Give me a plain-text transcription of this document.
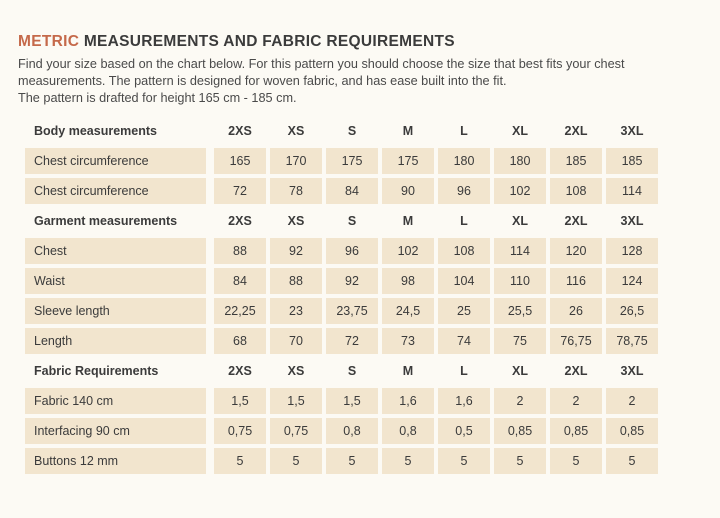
METRIC MEASUREMENTS AND FABRIC REQUIREMENTS

Find your size based on the chart below. For this pattern you should choose the size that best fits your chest measurements. The pattern is designed for woven fabric, and has ease built into the fit.

The pattern is drafted for height 165 cm - 185 cm.

Body measurements	2XS	XS	S	M	L	XL	2XL	3XL
Chest circumference	165	170	175	175	180	180	185	185
Chest circumference	72	78	84	90	96	102	108	114
Garment measurements	2XS	XS	S	M	L	XL	2XL	3XL
Chest	88	92	96	102	108	114	120	128
Waist	84	88	92	98	104	110	116	124
Sleeve length	22,25	23	23,75	24,5	25	25,5	26	26,5
Length	68	70	72	73	74	75	76,75	78,75
Fabric Requirements	2XS	XS	S	M	L	XL	2XL	3XL
Fabric 140 cm	1,5	1,5	1,5	1,6	1,6	2	2	2
Interfacing 90 cm	0,75	0,75	0,8	0,8	0,5	0,85	0,85	0,85
Buttons 12 mm	5	5	5	5	5	5	5	5
